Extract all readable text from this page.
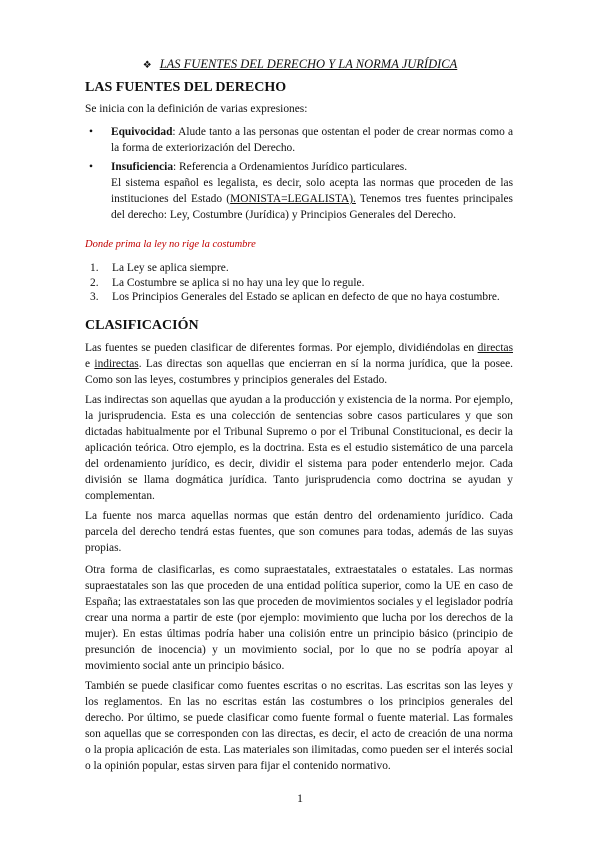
❖ LAS FUENTES DEL DERECHO Y LA NORMA JURÍDICA
LAS FUENTES DEL DERECHO
Se inicia con la definición de varias expresiones:
• Equivocidad: Alude tanto a las personas que ostentan el poder de crear normas como a la forma de exteriorización del Derecho.
• Insuficiencia: Referencia a Ordenamientos Jurídico particulares.
El sistema español es legalista, es decir, solo acepta las normas que proceden de las instituciones del Estado (MONISTA=LEGALISTA). Tenemos tres fuentes principales del derecho: Ley, Costumbre (Jurídica) y Principios Generales del Derecho.
Donde prima la ley no rige la costumbre
1. La Ley se aplica siempre.
2. La Costumbre se aplica si no hay una ley que lo regule.
3. Los Principios Generales del Estado se aplican en defecto de que no haya costumbre.
CLASIFICACIÓN
Las fuentes se pueden clasificar de diferentes formas. Por ejemplo, dividiéndolas en directas e indirectas. Las directas son aquellas que encierran en sí la norma jurídica, que la posee. Como son las leyes, costumbres y principios generales del Estado.
Las indirectas son aquellas que ayudan a la producción y existencia de la norma. Por ejemplo, la jurisprudencia. Esta es una colección de sentencias sobre casos particulares y que son dictadas habitualmente por el Tribunal Supremo o por el Tribunal Constitucional, es decir la aplicación teórica. Otro ejemplo, es la doctrina. Esta es el estudio sistemático de una parcela del ordenamiento jurídico, es decir, dividir el sistema para poder entenderlo mejor. Cada división se llama dogmática jurídica. Tanto jurisprudencia como doctrina se ayudan y complementan.
La fuente nos marca aquellas normas que están dentro del ordenamiento jurídico. Cada parcela del derecho tendrá estas fuentes, que son comunes para todas, además de las suyas propias.
Otra forma de clasificarlas, es como supraestatales, extraestatales o estatales. Las normas supraestatales son las que proceden de una entidad política superior, como la UE en caso de España; las extraestatales son las que proceden de movimientos sociales y el legislador podría crear una norma a partir de este (por ejemplo: movimiento que lucha por los derechos de la mujer). En estas últimas podría haber una colisión entre un principio básico (principio de presunción de inocencia) y un movimiento social, por lo que no se podría apoyar al movimiento social ante un principio básico.
También se puede clasificar como fuentes escritas o no escritas. Las escritas son las leyes y los reglamentos. En las no escritas están las costumbres o los principios generales del derecho. Por último, se puede clasificar como fuente formal o fuente material. Las formales son aquellas que se corresponden con las directas, es decir, el acto de creación de una norma o la propia aplicación de esta. Las materiales son ilimitadas, como pueden ser el interés social o la opinión popular, estas sirven para fijar el contenido normativo.
1
